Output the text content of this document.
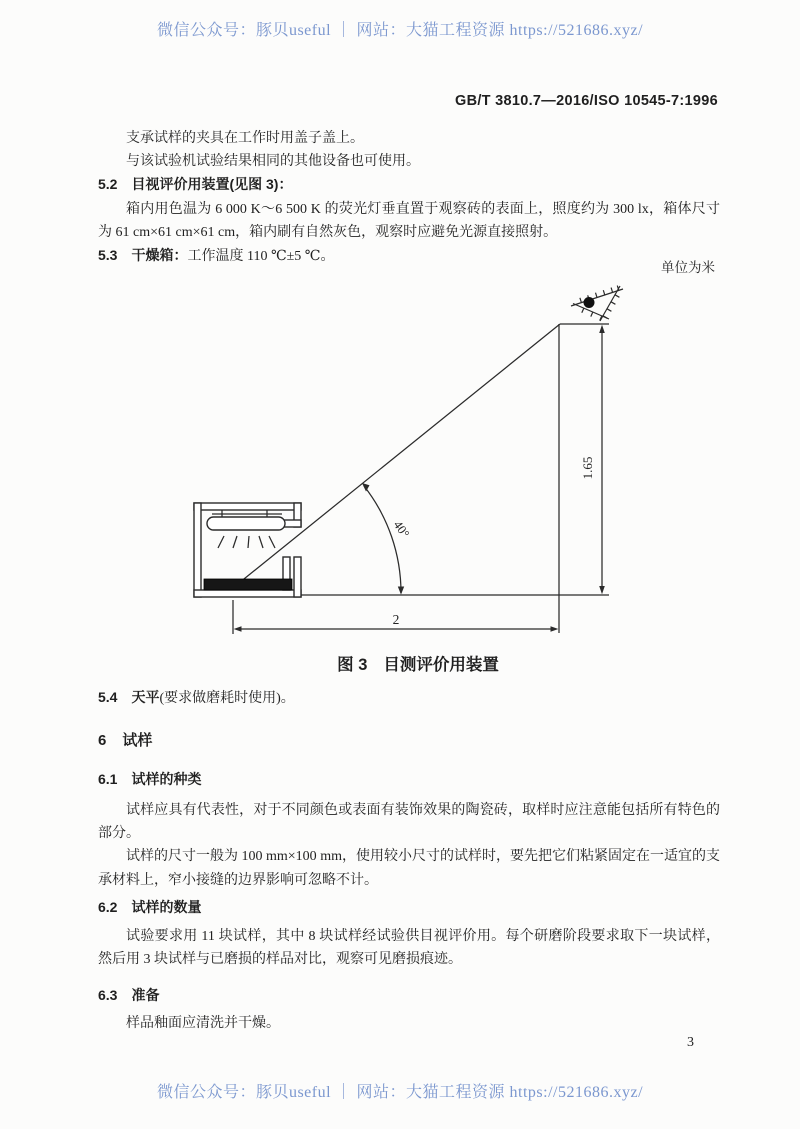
微信公众号：豚贝useful ｜ 网站：大猫工程资源 https://521686.xyz/
GB/T 3810.7—2016/ISO 10545-7:1996
支承试样的夹具在工作时用盖子盖上。
与该试验机试验结果相同的其他设备也可使用。
5.2 目视评价用装置(见图 3)：
箱内用色温为 6 000 K～6 500 K 的荧光灯垂直置于观察砖的表面上，照度约为 300 lx，箱体尺寸为 61 cm×61 cm×61 cm，箱内刷有自然灰色，观察时应避免光源直接照射。
5.3 干燥箱：工作温度 110 ℃±5 ℃。
单位为米
1.65
2
40°
图 3 目测评价用装置
5.4 天平(要求做磨耗时使用)。
6 试样
6.1 试样的种类
试样应具有代表性，对于不同颜色或表面有装饰效果的陶瓷砖，取样时应注意能包括所有特色的部分。
试样的尺寸一般为 100 mm×100 mm，使用较小尺寸的试样时，要先把它们粘紧固定在一适宜的支承材料上，窄小接缝的边界影响可忽略不计。
6.2 试样的数量
试验要求用 11 块试样，其中 8 块试样经试验供目视评价用。每个研磨阶段要求取下一块试样，然后用 3 块试样与已磨损的样品对比，观察可见磨损痕迹。
6.3 准备
样品釉面应清洗并干燥。
3
微信公众号：豚贝useful ｜ 网站：大猫工程资源 https://521686.xyz/
